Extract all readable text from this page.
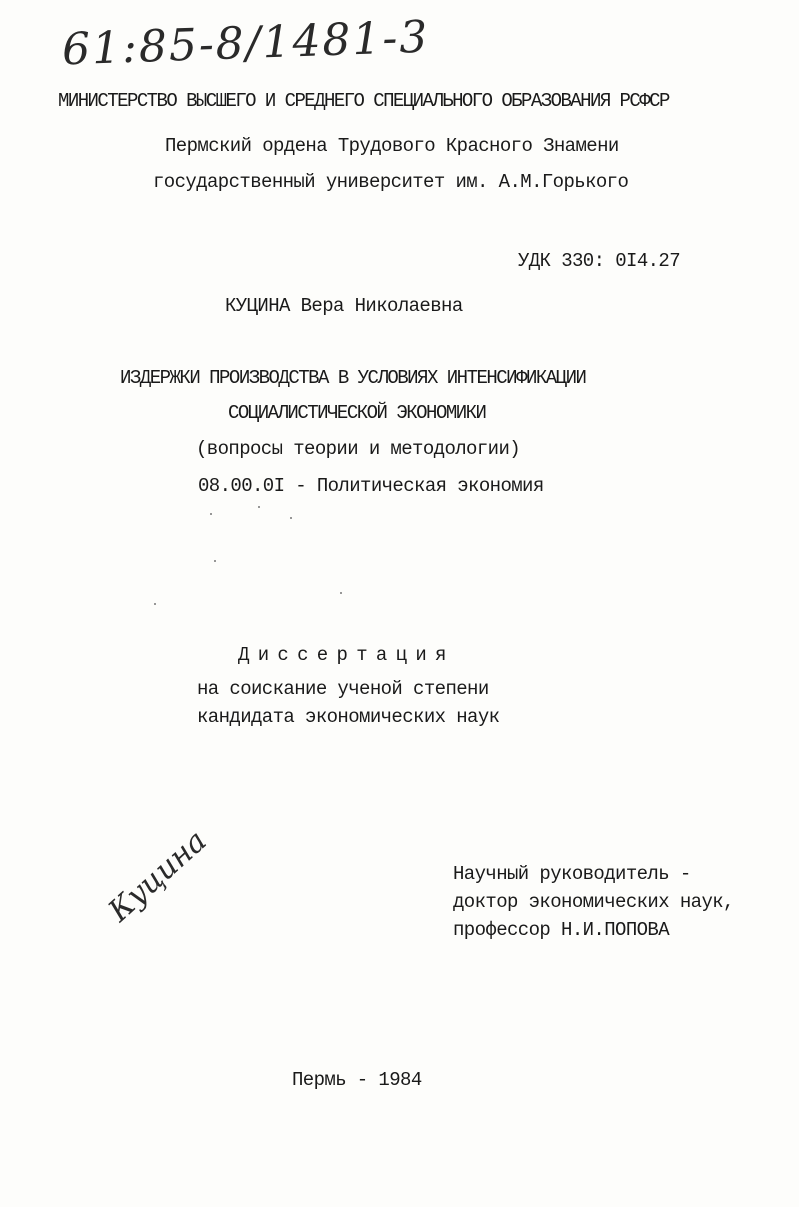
61:85-8/1481-3
МИНИСТЕРСТВО ВЫСШЕГО И СРЕДНЕГО СПЕЦИАЛЬНОГО ОБРАЗОВАНИЯ РСФСР
Пермский ордена Трудового Красного Знамени
государственный университет им. А.М.Горького
УДК 330: 0I4.27
КУЦИНА Вера Николаевна
ИЗДЕРЖКИ ПРОИЗВОДСТВА В УСЛОВИЯХ ИНТЕНСИФИКАЦИИ
СОЦИАЛИСТИЧЕСКОЙ ЭКОНОМИКИ
(вопросы теории и методологии)
08.00.0I - Политическая экономия
Диссертация
на соискание ученой степени
кандидата экономических наук
Научный руководитель -
доктор экономических наук,
профессор Н.И.ПОПОВА
Куцина
Пермь - 1984
